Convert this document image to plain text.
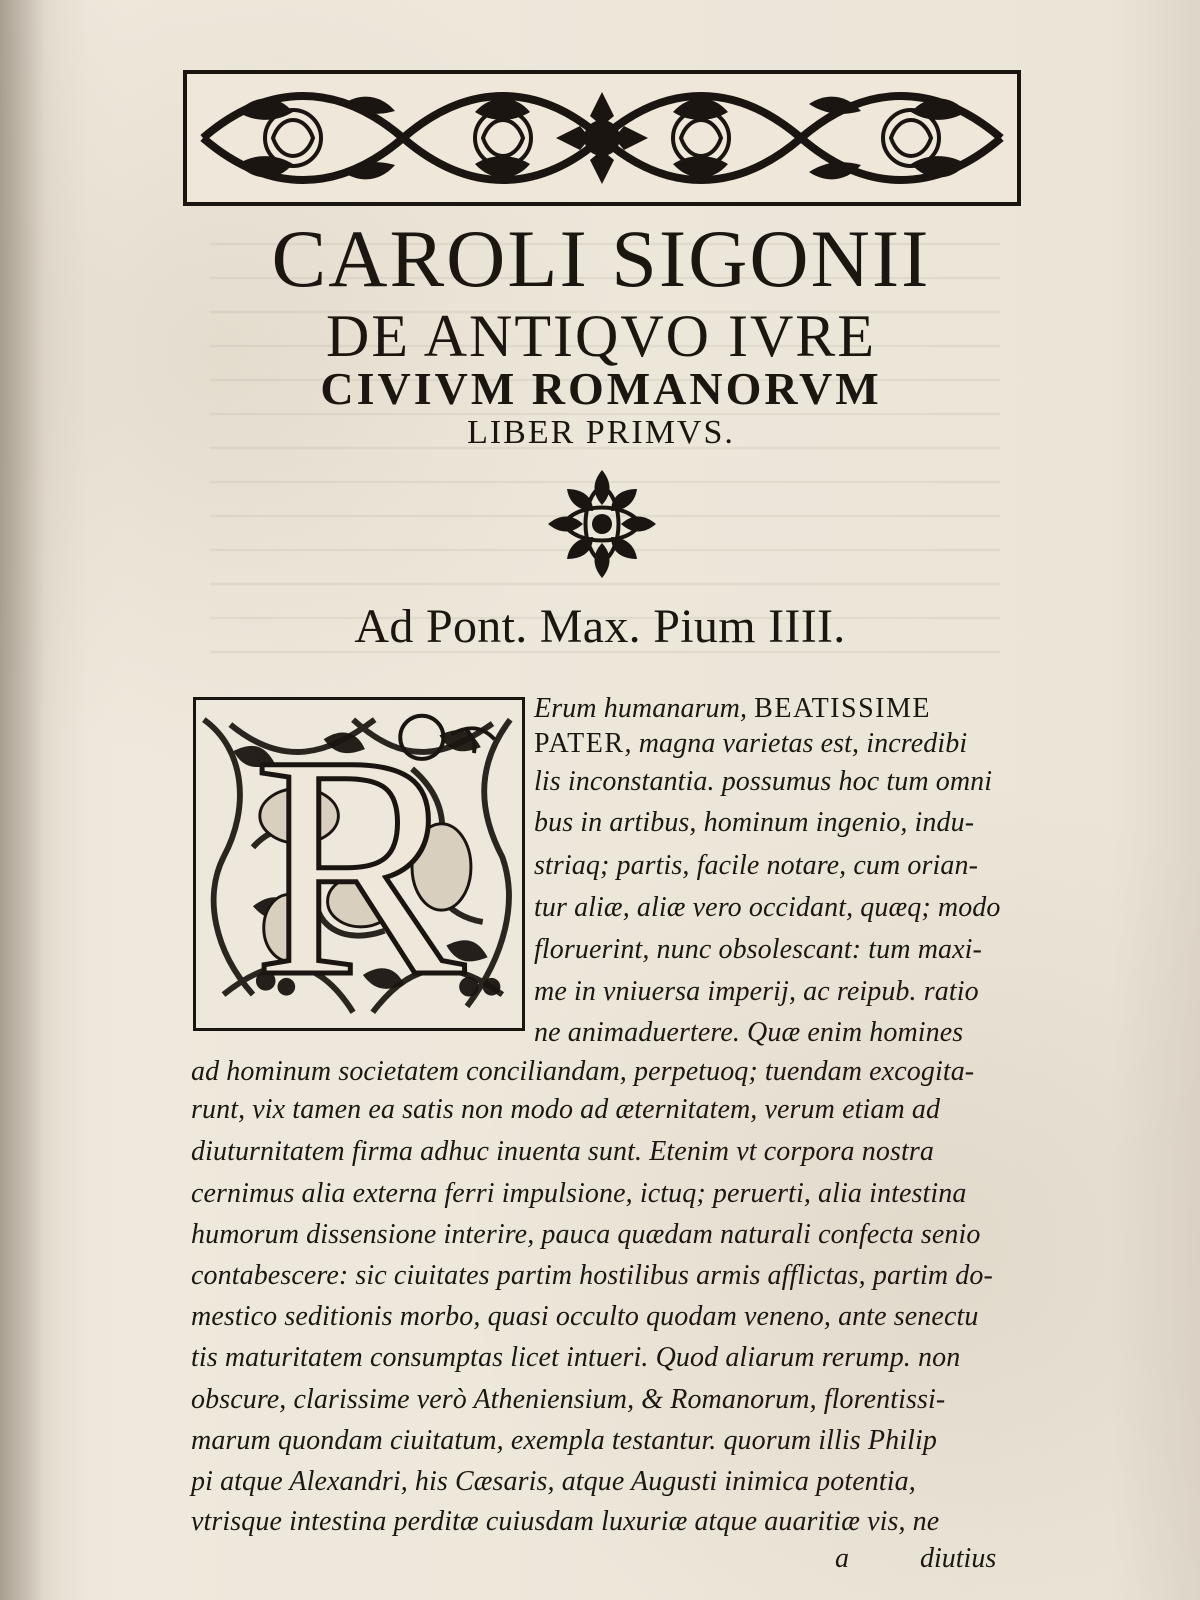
CAROLI SIGONII
DE ANTIQVO IVRE
CIVIVM ROMANORVM
LIBER PRIMVS.
Ad Pont. Max. Pium IIII.
R	Erum humanarum, BEATISSIME
PATER, magna varietas est, incredibi
lis inconstantia. possumus hoc tum omni
bus in artibus, hominum ingenio, indu-
striaq; partis, facile notare, cum orian-
tur aliæ, aliæ vero occidant, quæq; modo
floruerint, nunc obsolescant: tum maxi-
me in vniuersa imperij, ac reipub. ratio
ne animaduertere. Quæ enim homines
ad hominum societatem conciliandam, perpetuoq; tuendam excogita-
runt, vix tamen ea satis non modo ad æternitatem, verum etiam ad
diuturnitatem firma adhuc inuenta sunt. Etenim vt corpora nostra
cernimus alia externa ferri impulsione, ictuq; peruerti, alia intestina
humorum dissensione interire, pauca quædam naturali confecta senio
contabescere: sic ciuitates partim hostilibus armis afflictas, partim do-
mestico seditionis morbo, quasi occulto quodam veneno, ante senectu
tis maturitatem consumptas licet intueri. Quod aliarum rerump. non
obscure, clarissime verò Atheniensium, & Romanorum, florentissi-
marum quondam ciuitatum, exempla testantur. quorum illis Philip
pi atque Alexandri, his Cæsaris, atque Augusti inimica potentia,
vtrisque intestina perditæ cuiusdam luxuriæ atque auaritiæ vis, ne
a	diutius
